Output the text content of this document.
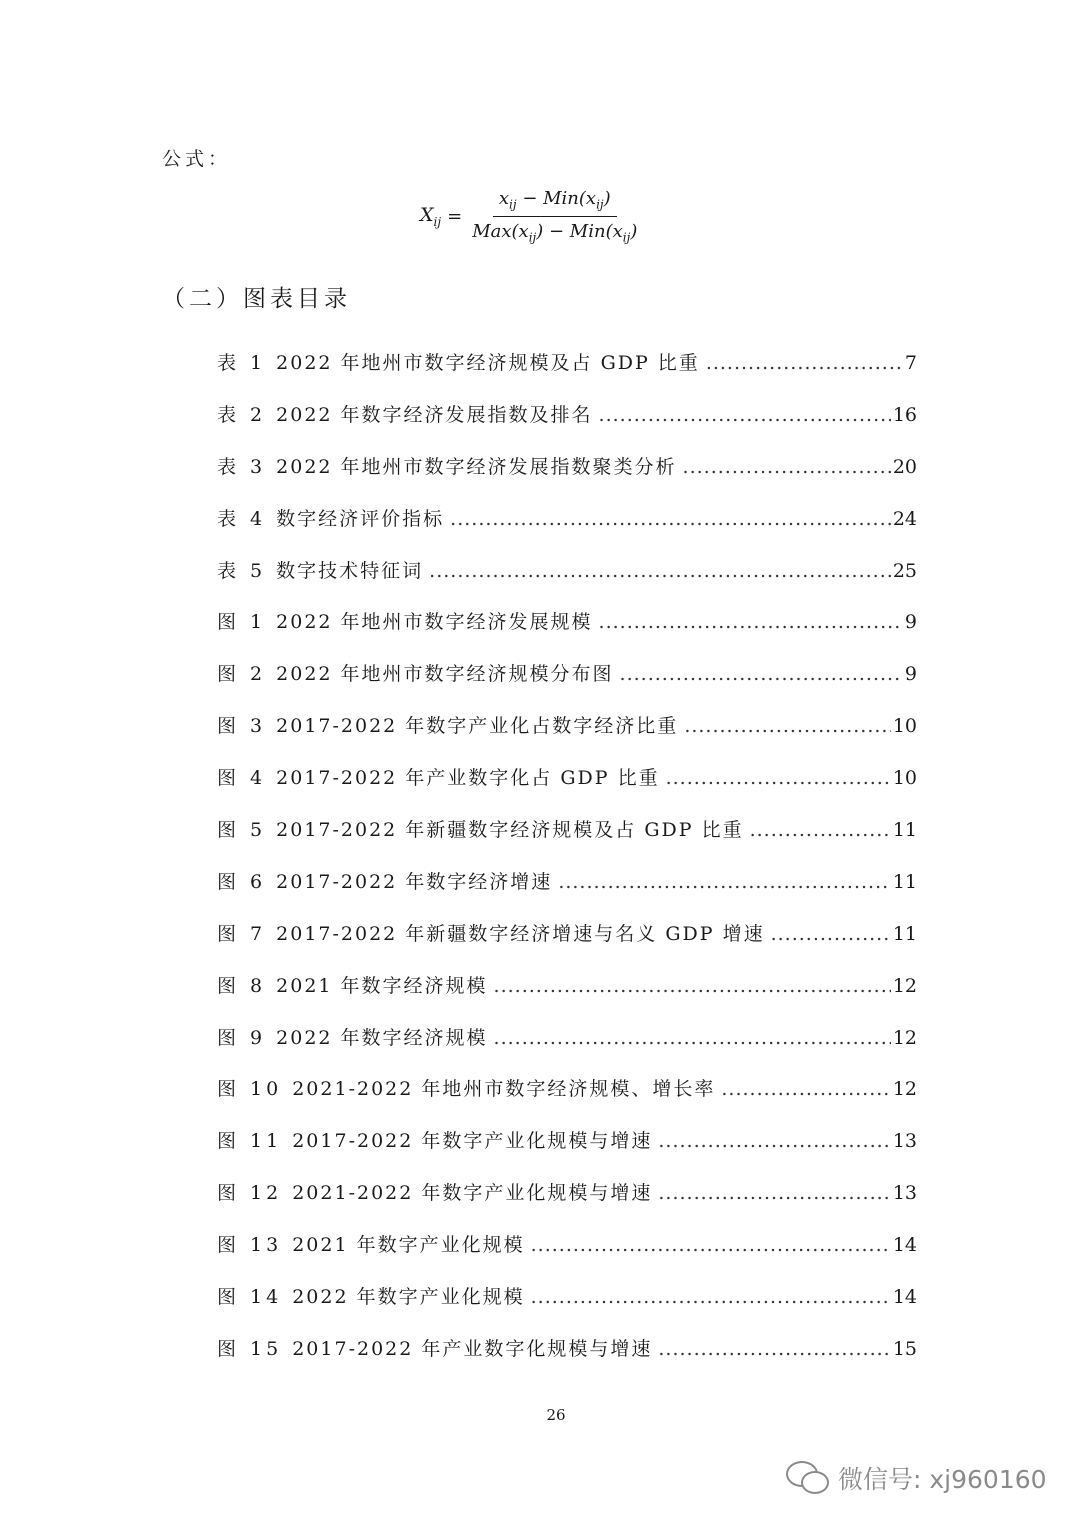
公式：
$X_{ij} = \frac{x_{ij} - Min(x_{ij})}{Max(x_{ij}) - Min(x_{ij})}$
（二）图表目录
表 1 2022 年地州市数字经济规模及占 GDP 比重 .....	7
表 2 2022 年数字经济发展指数及排名 .....	16
表 3 2022 年地州市数字经济发展指数聚类分析 .....	20
表 4 数字经济评价指标 .....	24
表 5 数字技术特征词 .....	25
图 1 2022 年地州市数字经济发展规模 .....	9
图 2 2022 年地州市数字经济规模分布图 .....	9
图 3 2017-2022 年数字产业化占数字经济比重 .....	10
图 4 2017-2022 年产业数字化占 GDP 比重 .....	10
图 5 2017-2022 年新疆数字经济规模及占 GDP 比重 .....	11
图 6 2017-2022 年数字经济增速 .....	11
图 7 2017-2022 年新疆数字经济增速与名义 GDP 增速 .....	11
图 8 2021 年数字经济规模 .....	12
图 9 2022 年数字经济规模 .....	12
图 10 2021-2022 年地州市数字经济规模、增长率 .....	12
图 11 2017-2022 年数字产业化规模与增速 .....	13
图 12 2021-2022 年数字产业化规模与增速 .....	13
图 13 2021 年数字产业化规模 .....	14
图 14 2022 年数字产业化规模 .....	14
图 15 2017-2022 年产业数字化规模与增速 .....	15
26
微信号: xj960160
